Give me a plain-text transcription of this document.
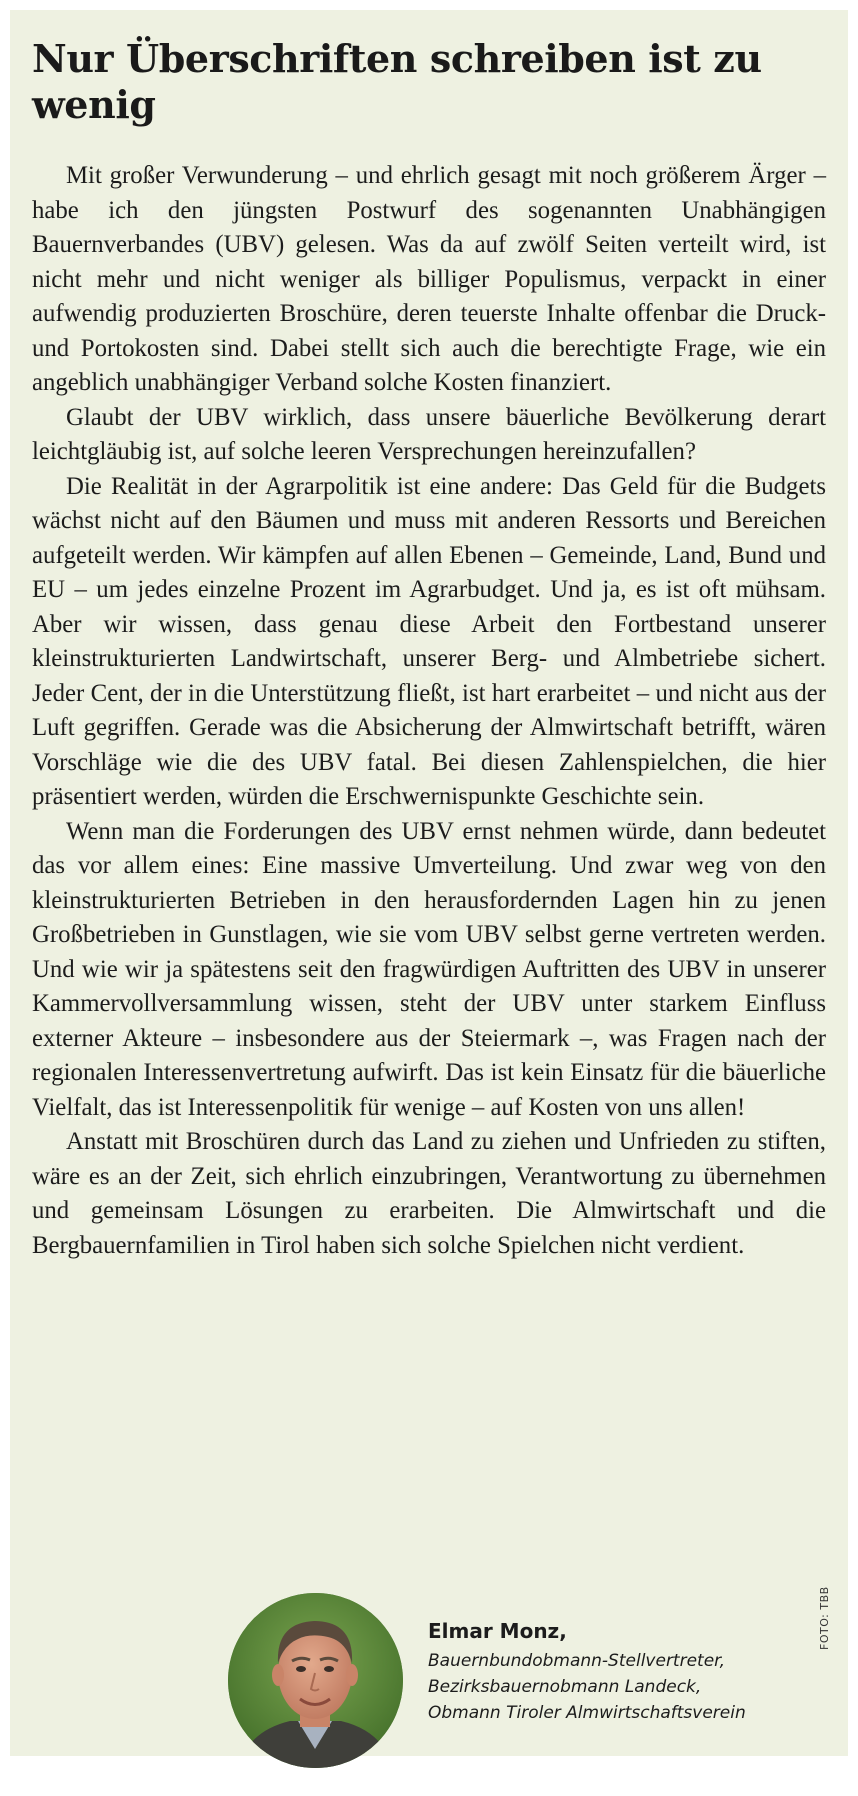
Nur Überschriften schreiben ist zu wenig

Mit großer Verwunderung – und ehrlich gesagt mit noch größerem Ärger – habe ich den jüngsten Postwurf des sogenannten Unabhängigen Bauernverbandes (UBV) gelesen. Was da auf zwölf Seiten verteilt wird, ist nicht mehr und nicht weniger als billiger Populismus, verpackt in einer aufwendig produzierten Broschüre, deren teuerste Inhalte offenbar die Druck- und Portokosten sind. Dabei stellt sich auch die berechtigte Frage, wie ein angeblich unabhängiger Verband solche Kosten finanziert.

Glaubt der UBV wirklich, dass unsere bäuerliche Bevölkerung derart leichtgläubig ist, auf solche leeren Versprechungen hereinzufallen?

Die Realität in der Agrarpolitik ist eine andere: Das Geld für die Budgets wächst nicht auf den Bäumen und muss mit anderen Ressorts und Bereichen aufgeteilt werden. Wir kämpfen auf allen Ebenen – Gemeinde, Land, Bund und EU – um jedes einzelne Prozent im Agrarbudget. Und ja, es ist oft mühsam. Aber wir wissen, dass genau diese Arbeit den Fortbestand unserer kleinstrukturierten Landwirtschaft, unserer Berg- und Almbetriebe sichert. Jeder Cent, der in die Unterstützung fließt, ist hart erarbeitet – und nicht aus der Luft gegriffen. Gerade was die Absicherung der Almwirtschaft betrifft, wären Vorschläge wie die des UBV fatal. Bei diesen Zahlenspielchen, die hier präsentiert werden, würden die Erschwernispunkte Geschichte sein.

Wenn man die Forderungen des UBV ernst nehmen würde, dann bedeutet das vor allem eines: Eine massive Umverteilung. Und zwar weg von den kleinstrukturierten Betrieben in den herausfordernden Lagen hin zu jenen Großbetrieben in Gunstlagen, wie sie vom UBV selbst gerne vertreten werden. Und wie wir ja spätestens seit den fragwürdigen Auftritten des UBV in unserer Kammervollversammlung wissen, steht der UBV unter starkem Einfluss externer Akteure – insbesondere aus der Steiermark –, was Fragen nach der regionalen Interessenvertretung aufwirft. Das ist kein Einsatz für die bäuerliche Vielfalt, das ist Interessenpolitik für wenige – auf Kosten von uns allen!

Anstatt mit Broschüren durch das Land zu ziehen und Unfrieden zu stiften, wäre es an der Zeit, sich ehrlich einzubringen, Verantwortung zu übernehmen und gemeinsam Lösungen zu erarbeiten. Die Almwirtschaft und die Bergbauernfamilien in Tirol haben sich solche Spielchen nicht verdient.

Elmar Monz,
Bauernbundobmann-Stellvertreter,
Bezirksbauernobmann Landeck,
Obmann Tiroler Almwirtschaftsverein
FOTO: TBB
